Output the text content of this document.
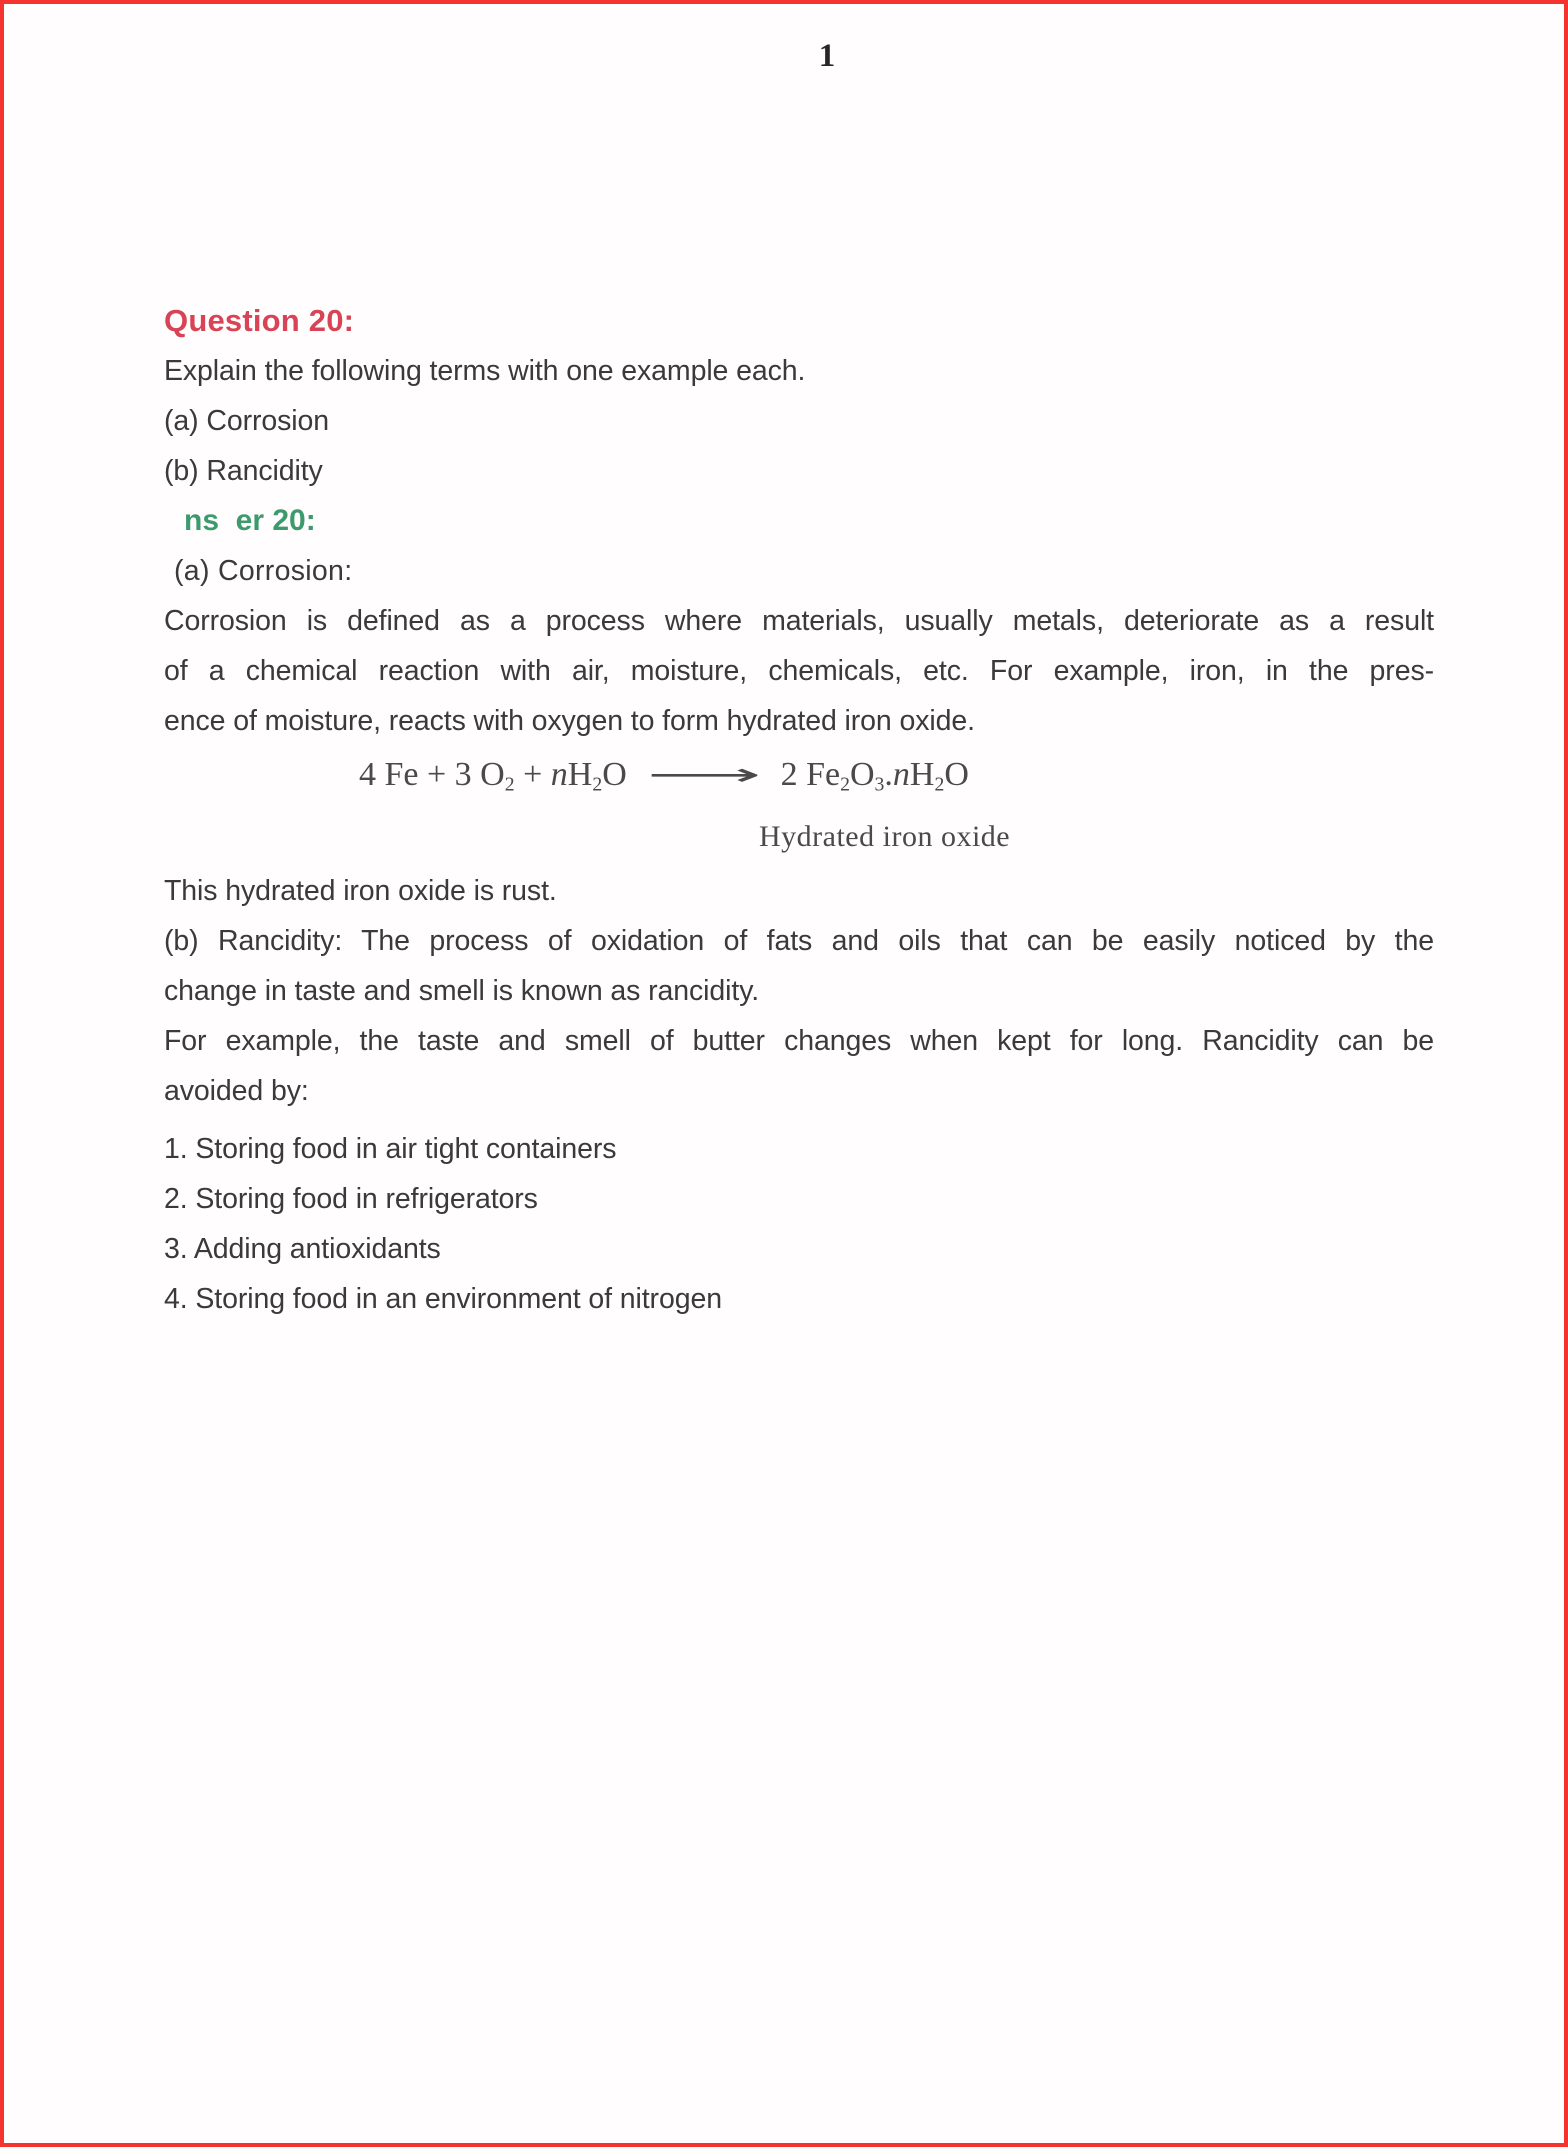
1
Question 20:
Explain the following terms with one example each.
(a) Corrosion
(b) Rancidity
ns  er 20:
(a) Corrosion:
Corrosion is defined as a process where materials, usually metals, deteriorate as a result
of a chemical reaction with air, moisture, chemicals, etc. For example, iron, in the pres-
ence of moisture, reacts with oxygen to form hydrated iron oxide.
4 Fe + 3 $O_2 + nH_2O$ ⟶ 2 $Fe_2O_3.nH_2O$
Hydrated iron oxide
This hydrated iron oxide is rust.
(b) Rancidity: The process of oxidation of fats and oils that can be easily noticed by the
change in taste and smell is known as rancidity.
For example, the taste and smell of butter changes when kept for long. Rancidity can be
avoided by:
1. Storing food in air tight containers
2. Storing food in refrigerators
3. Adding antioxidants
4. Storing food in an environment of nitrogen
